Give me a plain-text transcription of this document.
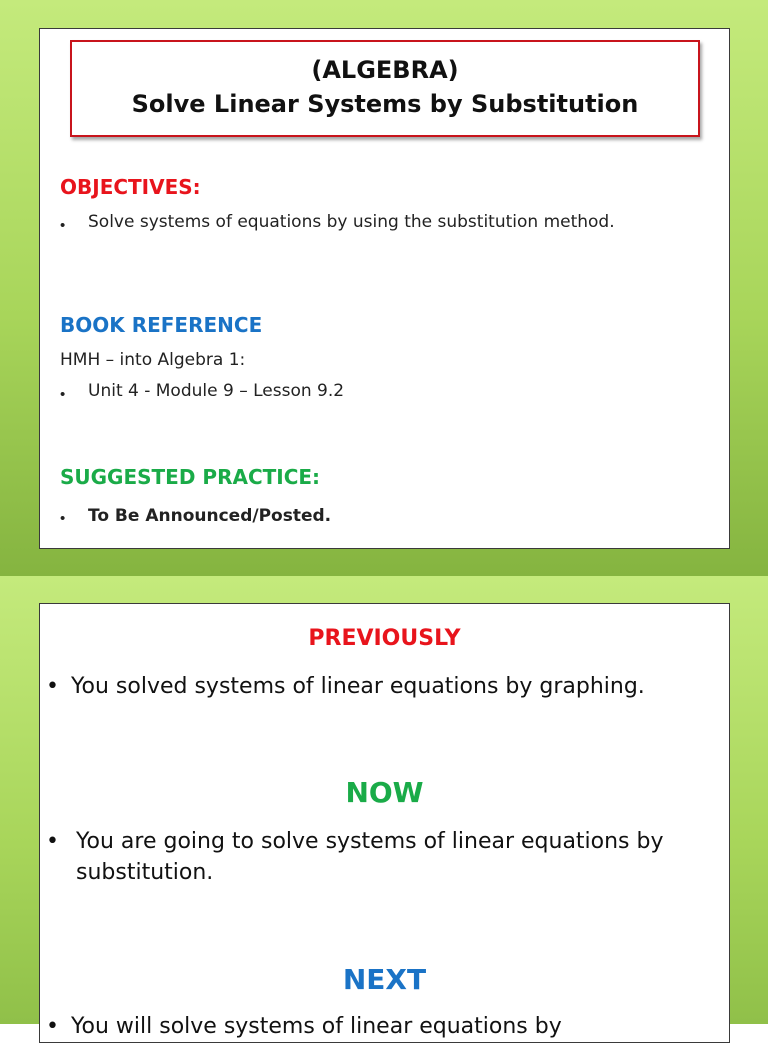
(ALGEBRA)
Solve Linear Systems by Substitution
OBJECTIVES:
• Solve systems of equations by using the substitution method.
BOOK REFERENCE
HMH – into Algebra 1:
• Unit 4 - Module 9 – Lesson 9.2
SUGGESTED PRACTICE:
• To Be Announced/Posted.
PREVIOUSLY
• You solved systems of linear equations by graphing.
NOW
• You are going to solve systems of linear equations by
substitution.
NEXT
• You will solve systems of linear equations by
